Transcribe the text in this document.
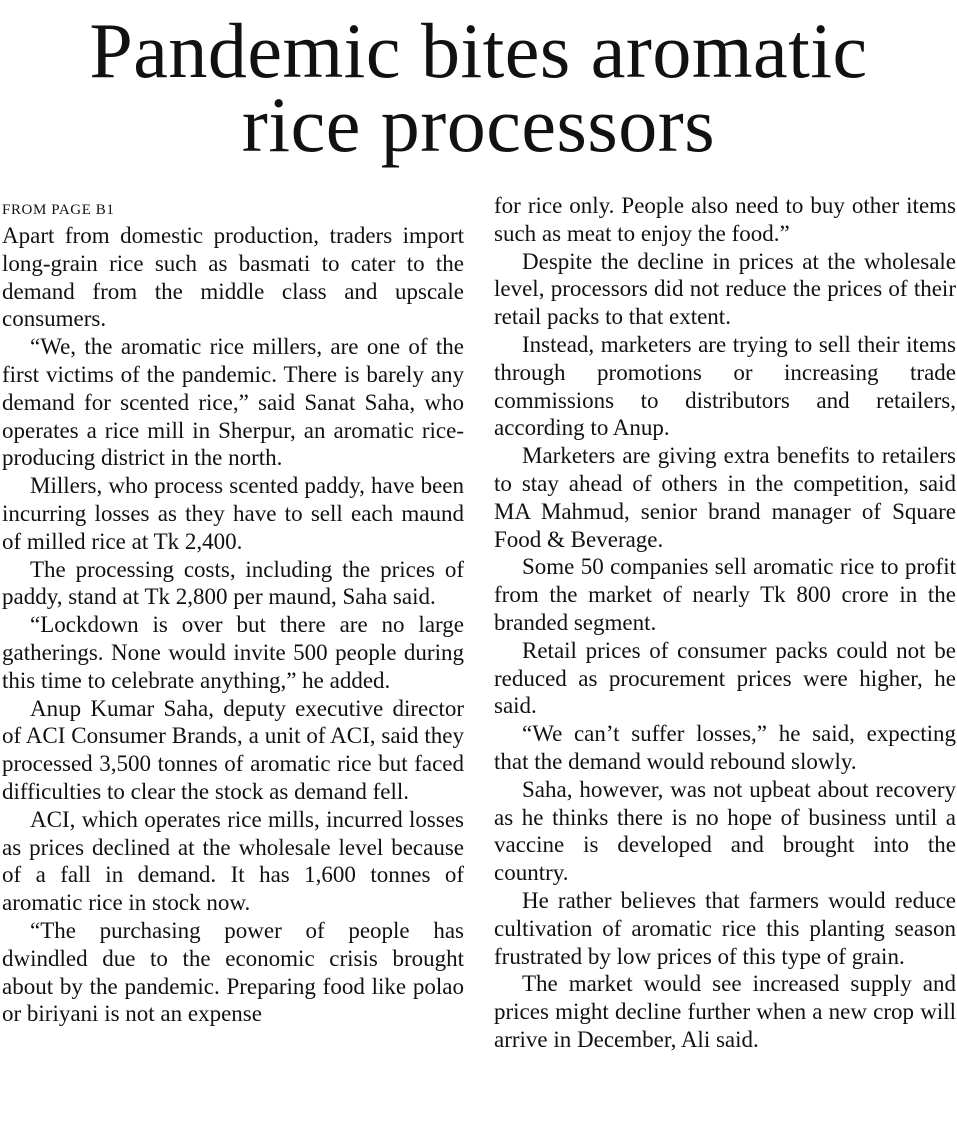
Pandemic bites aromatic
rice processors
FROM PAGE B1

Apart from domestic production, traders import long-grain rice such as basmati to cater to the demand from the middle class and upscale consumers.

“We, the aromatic rice millers, are one of the first victims of the pandemic. There is barely any demand for scented rice,” said Sanat Saha, who operates a rice mill in Sherpur, an aromatic rice-producing district in the north.

Millers, who process scented paddy, have been incurring losses as they have to sell each maund of milled rice at Tk 2,400.

The processing costs, including the prices of paddy, stand at Tk 2,800 per maund, Saha said.

“Lockdown is over but there are no large gatherings. None would invite 500 people during this time to celebrate anything,” he added.

Anup Kumar Saha, deputy executive director of ACI Consumer Brands, a unit of ACI, said they processed 3,500 tonnes of aromatic rice but faced difficulties to clear the stock as demand fell.

ACI, which operates rice mills, incurred losses as prices declined at the wholesale level because of a fall in demand. It has 1,600 tonnes of aromatic rice in stock now.

“The purchasing power of people has dwindled due to the economic crisis brought about by the pandemic. Preparing food like polao or biriyani is not an expense

for rice only. People also need to buy other items such as meat to enjoy the food.”

Despite the decline in prices at the wholesale level, processors did not reduce the prices of their retail packs to that extent.

Instead, marketers are trying to sell their items through promotions or increasing trade commissions to distributors and retailers, according to Anup.

Marketers are giving extra benefits to retailers to stay ahead of others in the competition, said MA Mahmud, senior brand manager of Square Food & Beverage.

Some 50 companies sell aromatic rice to profit from the market of nearly Tk 800 crore in the branded segment.

Retail prices of consumer packs could not be reduced as procurement prices were higher, he said.

“We can’t suffer losses,” he said, expecting that the demand would rebound slowly.

Saha, however, was not upbeat about recovery as he thinks there is no hope of business until a vaccine is developed and brought into the country.

He rather believes that farmers would reduce cultivation of aromatic rice this planting season frustrated by low prices of this type of grain.

The market would see increased supply and prices might decline further when a new crop will arrive in December, Ali said.
